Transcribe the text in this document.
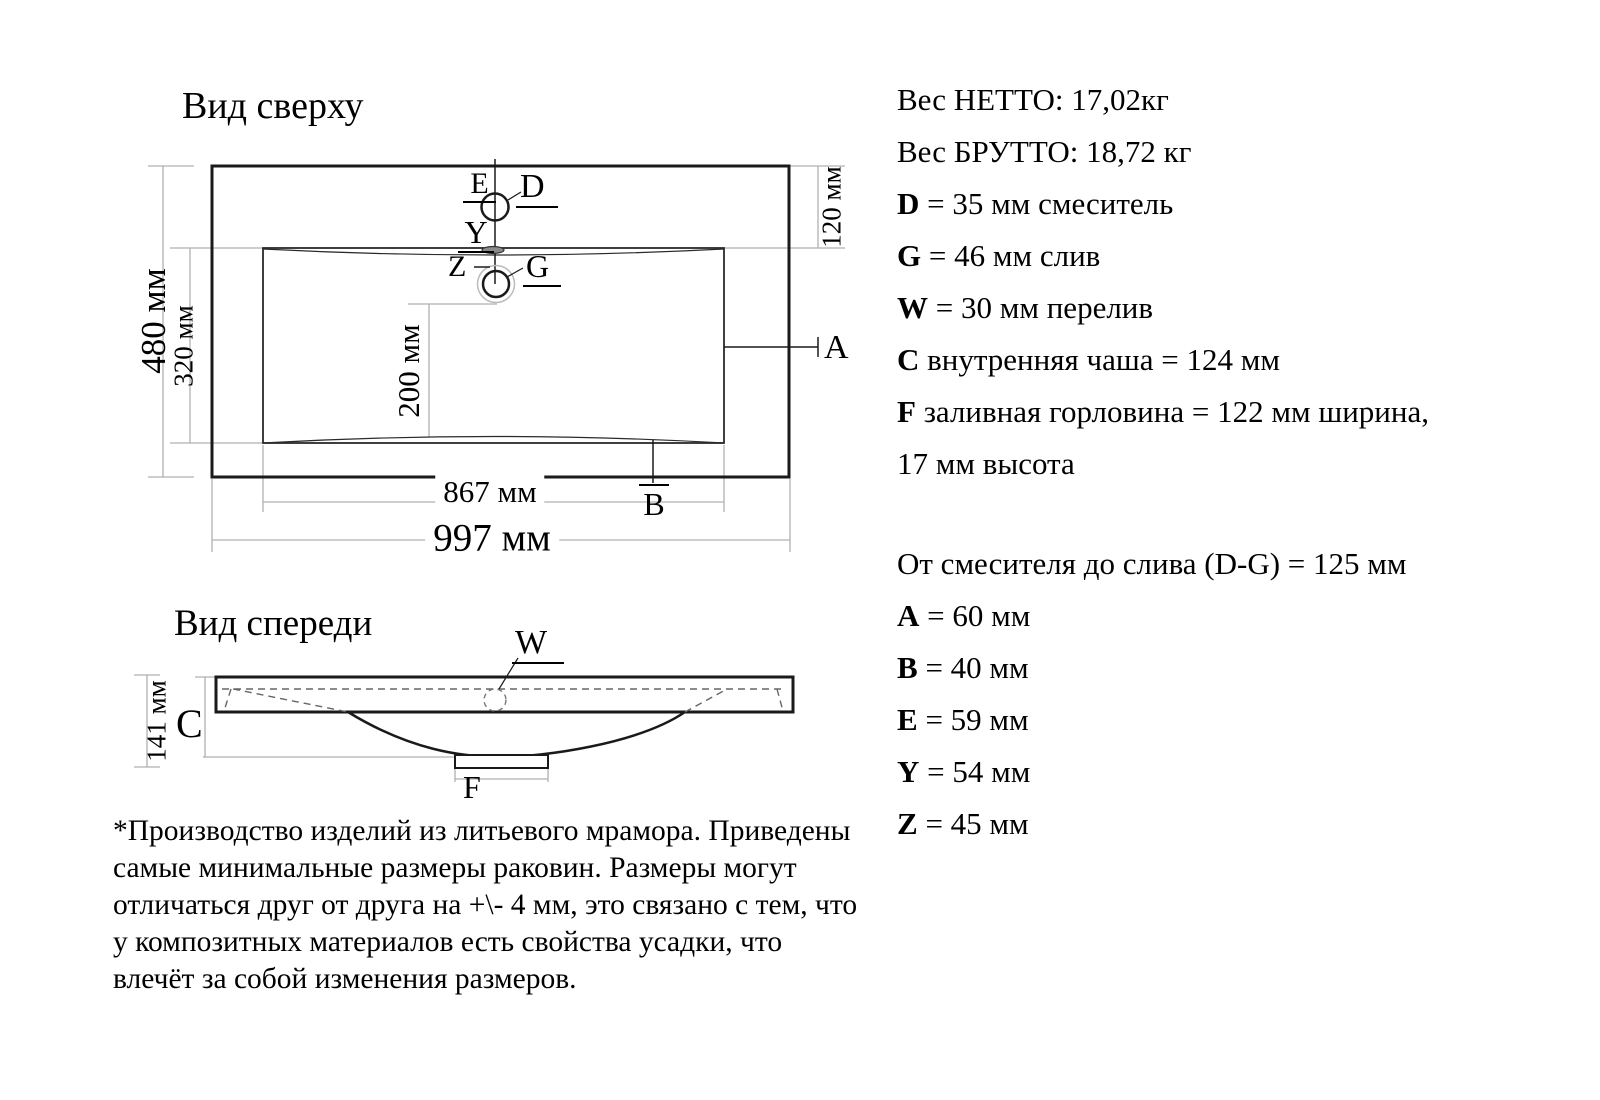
Вид сверху
Вид спереди
480 мм
320 мм
120 мм
200 мм
867 мм
997 мм
E D
Y
Z G
A
B
141 мм
W
C
F
Вес НЕТТО: 17,02кг
Вес БРУТТО: 18,72 кг
D = 35 мм смеситель
G = 46 мм слив
W = 30 мм перелив
C внутренняя чаша = 124 мм
F заливная горловина = 122 мм ширина,
17 мм высота
От смесителя до слива (D-G) = 125 мм
A = 60 мм
B = 40 мм
E = 59 мм
Y = 54 мм
Z = 45 мм
*Производство изделий из литьевого мрамора. Приведены
самые минимальные размеры раковин. Размеры могут
отличаться друг от друга на +\- 4 мм, это связано с тем, что
у композитных материалов есть свойства усадки, что
влечёт за собой изменения размеров.
